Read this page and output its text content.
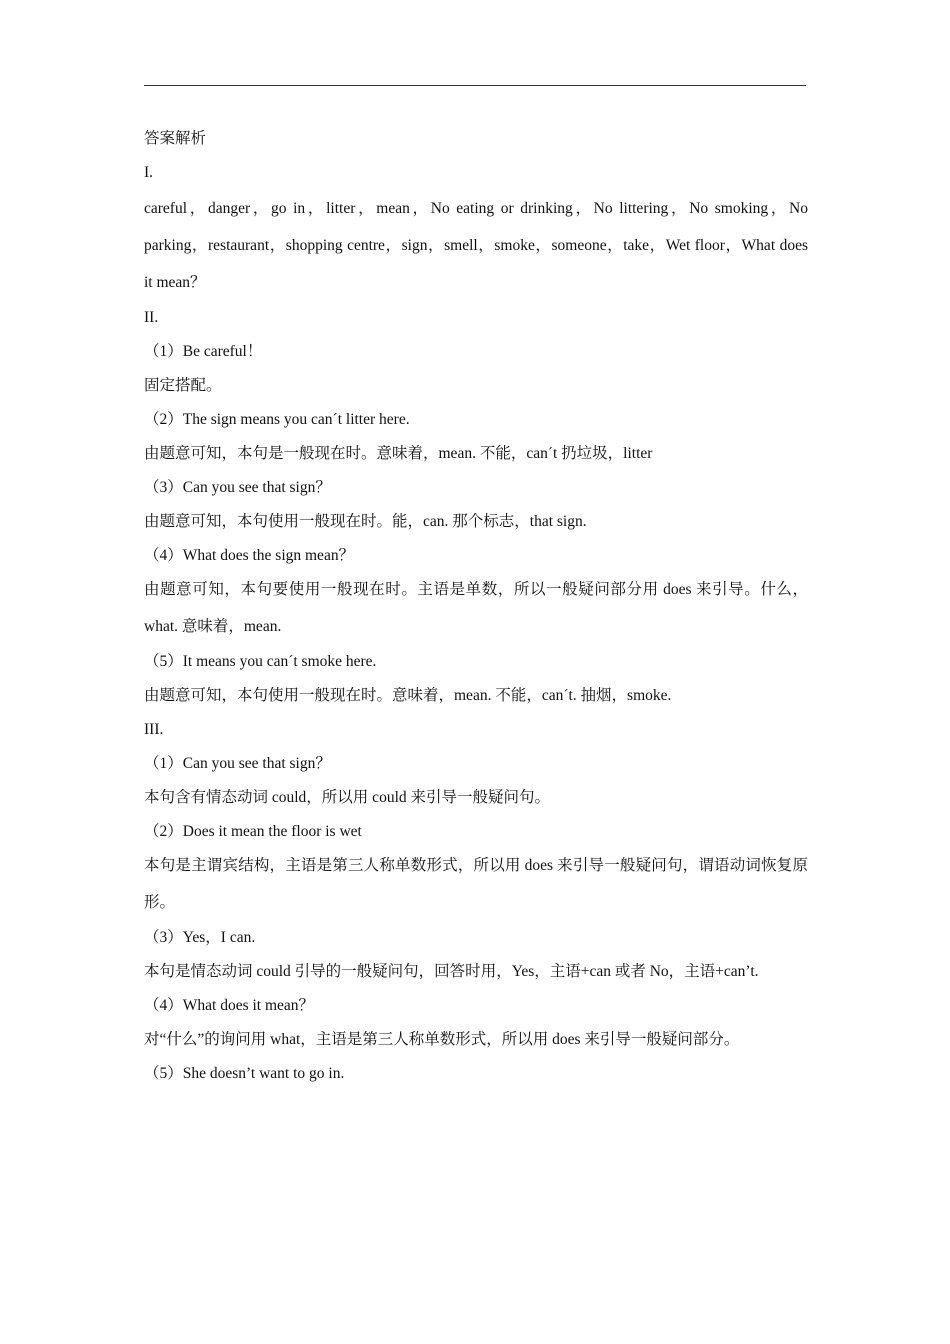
答案解析

I.

careful，danger，go in，litter，mean，No eating or drinking，No littering，No smoking，No parking，restaurant，shopping centre，sign，smell，smoke，someone，take，Wet floor，What does it mean？

II.

（1）Be careful！

固定搭配。

（2）The sign means you can´t litter here.

由题意可知，本句是一般现在时。意味着，mean. 不能，can´t 扔垃圾，litter

（3）Can you see that sign？

由题意可知，本句使用一般现在时。能，can. 那个标志，that sign.

（4）What does the sign mean？

由题意可知，本句要使用一般现在时。主语是单数，所以一般疑问部分用 does 来引导。什么，what. 意味着，mean.

（5）It means you can´t smoke here.

由题意可知，本句使用一般现在时。意味着，mean. 不能，can´t. 抽烟，smoke.

III.

（1）Can you see that sign？

本句含有情态动词 could，所以用 could 来引导一般疑问句。

（2）Does it mean the floor is wet

本句是主谓宾结构，主语是第三人称单数形式，所以用 does 来引导一般疑问句，谓语动词恢复原形。

（3）Yes，I can.

本句是情态动词 could 引导的一般疑问句，回答时用，Yes，主语+can 或者 No，主语+can’t.

（4）What does it mean？

对“什么”的询问用 what，主语是第三人称单数形式，所以用 does 来引导一般疑问部分。

（5）She doesn’t want to go in.
